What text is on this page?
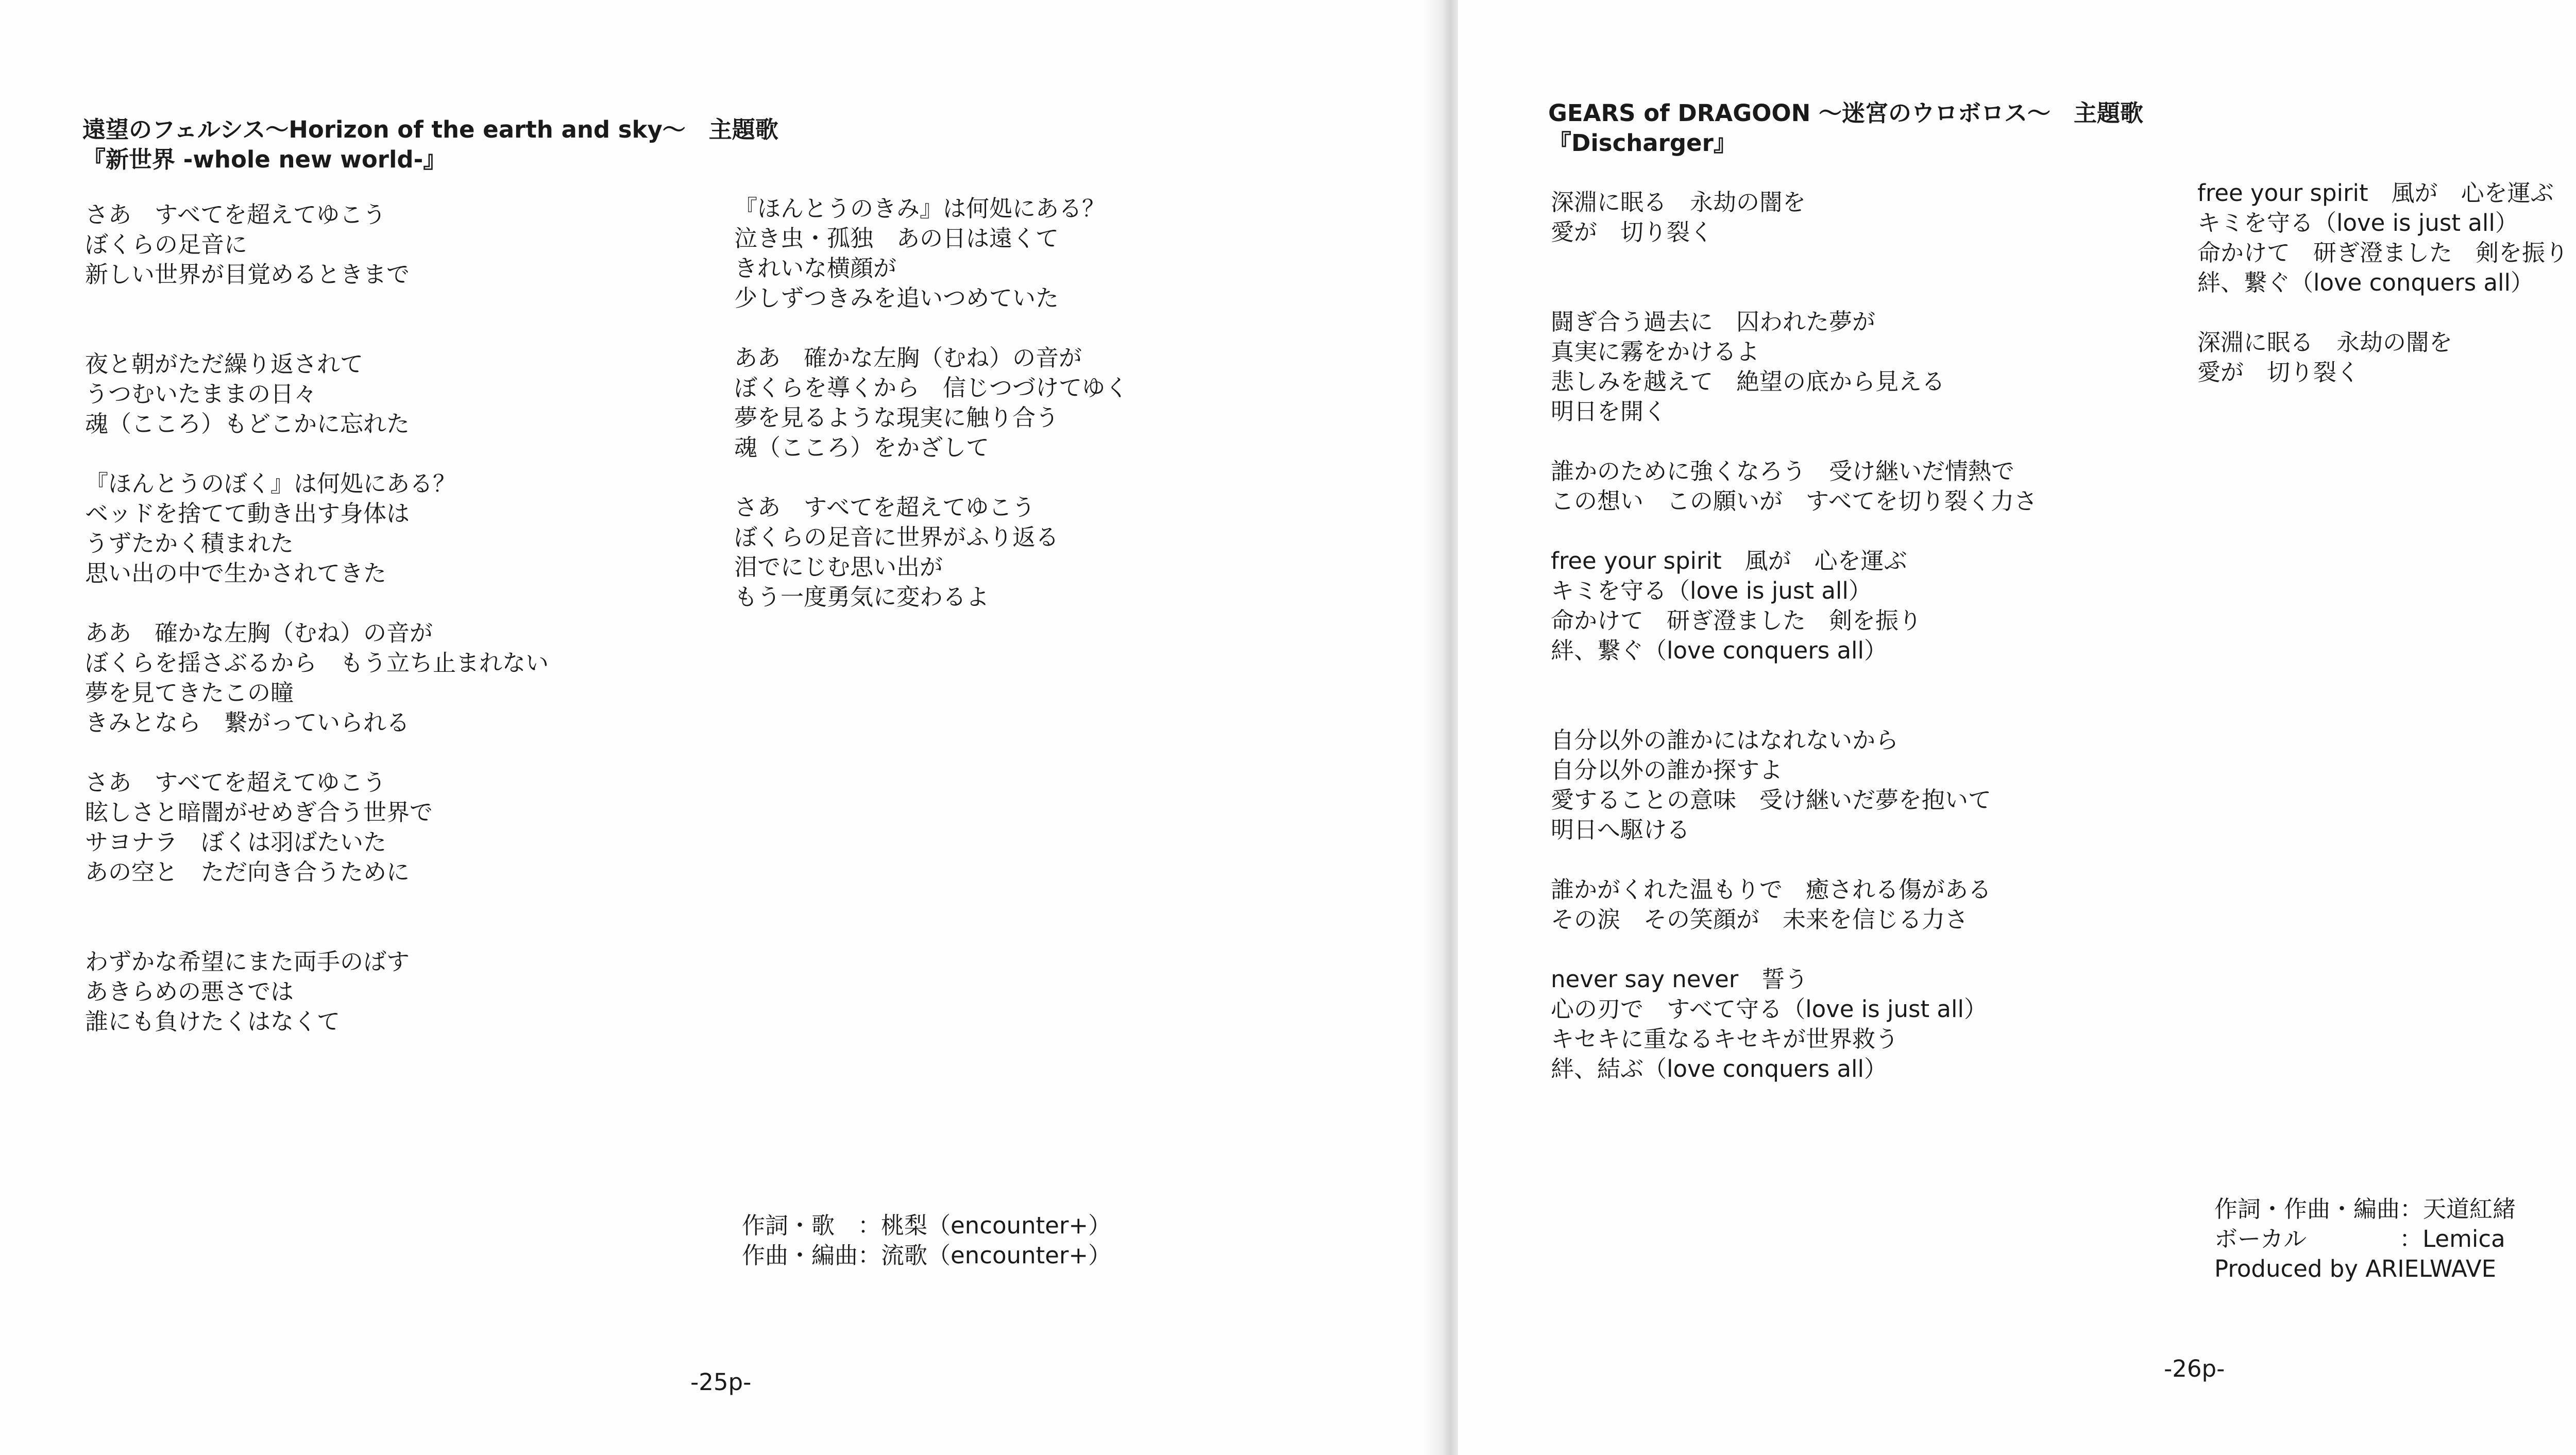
遠望のフェルシス〜Horizon of the earth and sky〜　主題歌
『新世界 -whole new world-』
さあ　すべてを超えてゆこう
ぼくらの足音に
新しい世界が目覚めるときまで
夜と朝がただ繰り返されて
うつむいたままの日々
魂（こころ）もどこかに忘れた
『ほんとうのぼく』は何処にある？
ベッドを捨てて動き出す身体は
うずたかく積まれた
思い出の中で生かされてきた
ああ　確かな左胸（むね）の音が
ぼくらを揺さぶるから　もう立ち止まれない
夢を見てきたこの瞳
きみとなら　繋がっていられる
さあ　すべてを超えてゆこう
眩しさと暗闇がせめぎ合う世界で
サヨナラ　ぼくは羽ばたいた
あの空と　ただ向き合うために
わずかな希望にまた両手のばす
あきらめの悪さでは
誰にも負けたくはなくて
『ほんとうのきみ』は何処にある？
泣き虫・孤独　あの日は遠くて
きれいな横顔が
少しずつきみを追いつめていた
ああ　確かな左胸（むね）の音が
ぼくらを導くから　信じつづけてゆく
夢を見るような現実に触り合う
魂（こころ）をかざして
さあ　すべてを超えてゆこう
ぼくらの足音に世界がふり返る
泪でにじむ思い出が
もう一度勇気に変わるよ
作詞・歌　：桃梨（encounter+）
作曲・編曲：流歌（encounter+）
-25p-
GEARS of DRAGOON 〜迷宮のウロボロス〜　主題歌
『Discharger』
深淵に眠る　永劫の闇を
愛が　切り裂く
闘ぎ合う過去に　囚われた夢が
真実に霧をかけるよ
悲しみを越えて　絶望の底から見える
明日を開く
誰かのために強くなろう　受け継いだ情熱で
この想い　この願いが　すべてを切り裂く力さ
free your spirit　風が　心を運ぶ
キミを守る（love is just all）
命かけて　研ぎ澄ました　剣を振り
絆、繋ぐ（love conquers all）
自分以外の誰かにはなれないから
自分以外の誰か探すよ
愛することの意味　受け継いだ夢を抱いて
明日へ駆ける
誰かがくれた温もりで　癒される傷がある
その涙　その笑顔が　未来を信じる力さ
never say never　誓う
心の刃で　すべて守る（love is just all）
キセキに重なるキセキが世界救う
絆、結ぶ（love conquers all）
free your spirit　風が　心を運ぶ
キミを守る（love is just all）
命かけて　研ぎ澄ました　剣を振り
絆、繋ぐ（love conquers all）
深淵に眠る　永劫の闇を
愛が　切り裂く
作詞・作曲・編曲：天道紅緒
ボーカル　　　　：Lemica
Produced by ARIELWAVE
-26p-
